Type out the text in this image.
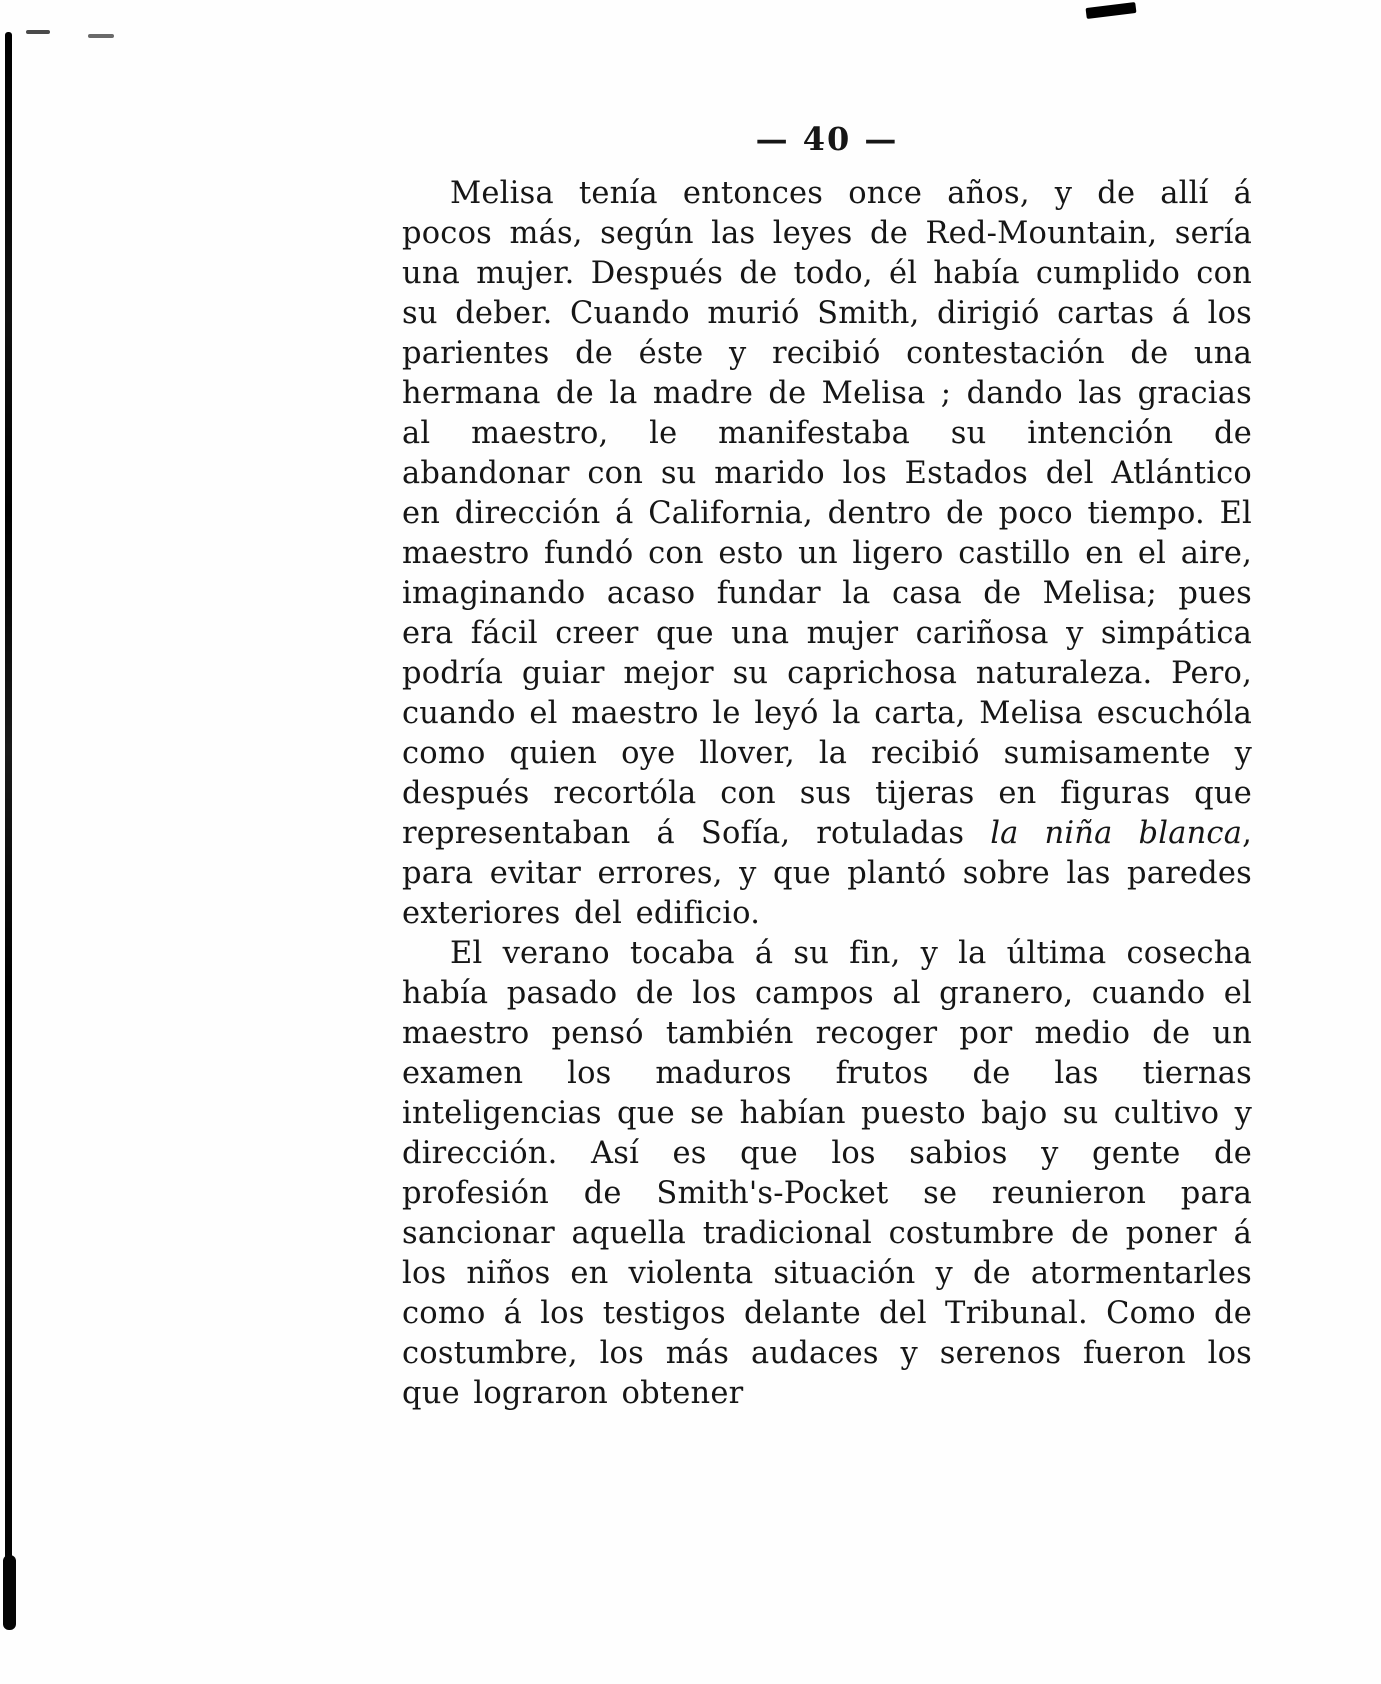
— 40 —

Melisa tenía entonces once años, y de allí á pocos más, según las leyes de Red-Mountain, sería una mujer. Después de todo, él había cumplido con su deber. Cuando murió Smith, dirigió cartas á los parientes de éste y recibió contestación de una hermana de la madre de Melisa ; dando las gracias al maestro, le manifestaba su intención de abandonar con su marido los Estados del Atlántico en dirección á California, dentro de poco tiempo. El maestro fundó con esto un ligero castillo en el aire, imaginando acaso fundar la casa de Melisa; pues era fácil creer que una mujer cariñosa y simpática podría guiar mejor su caprichosa naturaleza. Pero, cuando el maestro le leyó la carta, Melisa escuchóla como quien oye llover, la recibió sumisamente y después recortóla con sus tijeras en figuras que representaban á Sofía, rotuladas la niña blanca, para evitar errores, y que plantó sobre las paredes exteriores del edificio.

El verano tocaba á su fin, y la última cosecha había pasado de los campos al granero, cuando el maestro pensó también recoger por medio de un examen los maduros frutos de las tiernas inteligencias que se habían puesto bajo su cultivo y dirección. Así es que los sabios y gente de profesión de Smith's-Pocket se reunieron para sancionar aquella tradicional costumbre de poner á los niños en violenta situación y de atormentarles como á los testigos delante del Tribunal. Como de costumbre, los más audaces y serenos fueron los que lograron obtener
